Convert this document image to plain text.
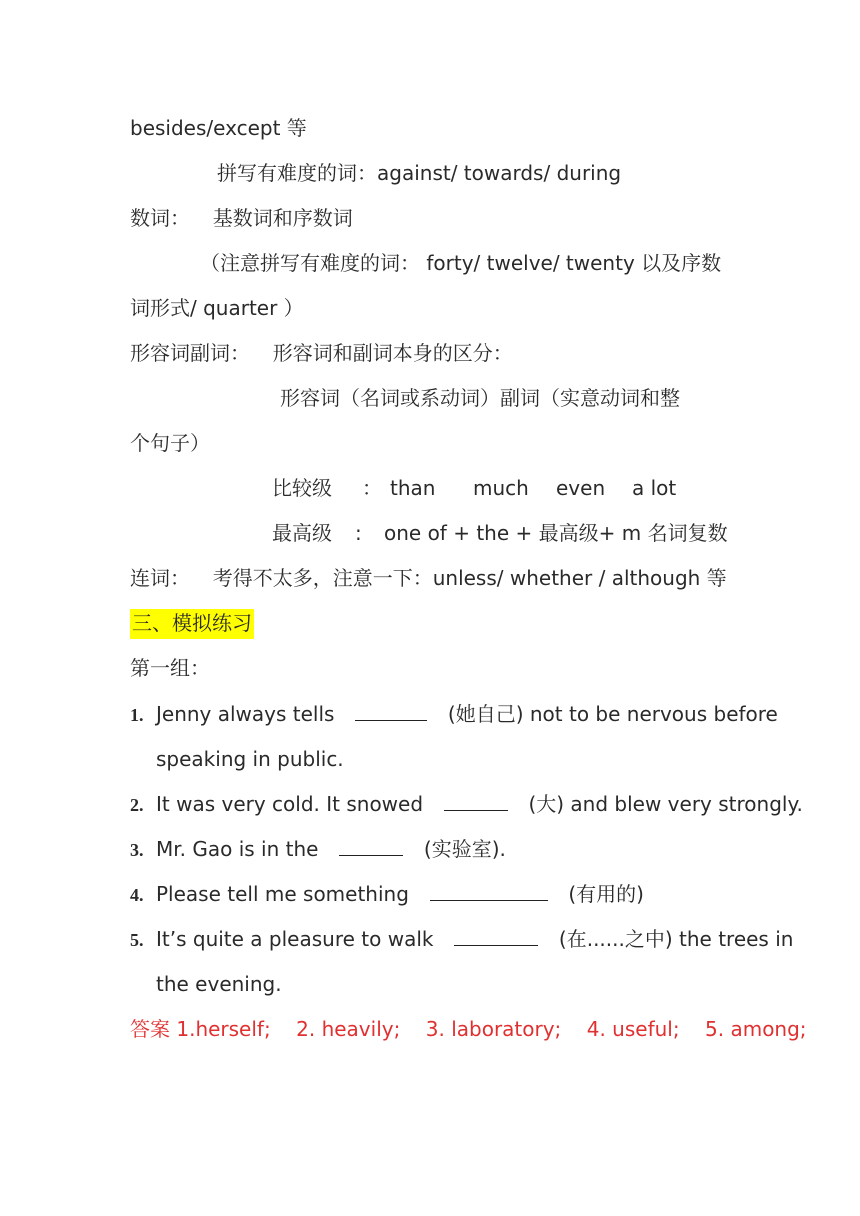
besides/except 等
拼写有难度的词：against/ towards/ during
数词： 基数词和序数词
（注意拼写有难度的词： forty/ twelve/ twenty 以及序数
词形式/ quarter ）
形容词副词： 形容词和副词本身的区分：
形容词（名词或系动词）副词（实意动词和整
个句子）
比较级 ： than much even a lot
最高级 : one of + the + 最高级+ m 名词复数
连词： 考得不太多，注意一下：unless/ whether / although 等
三、模拟练习
第一组：
1. Jenny always tells	(她自己) not to be nervous before
speaking in public.
2. It was very cold. It snowed	(大) and blew very strongly.
3. Mr. Gao is in the	(实验室).
4. Please tell me something	(有用的)
5. It’s quite a pleasure to walk	(在......之中) the trees in
the evening.
答案 1.herself;    2. heavily;    3. laboratory;    4. useful;    5. among;
